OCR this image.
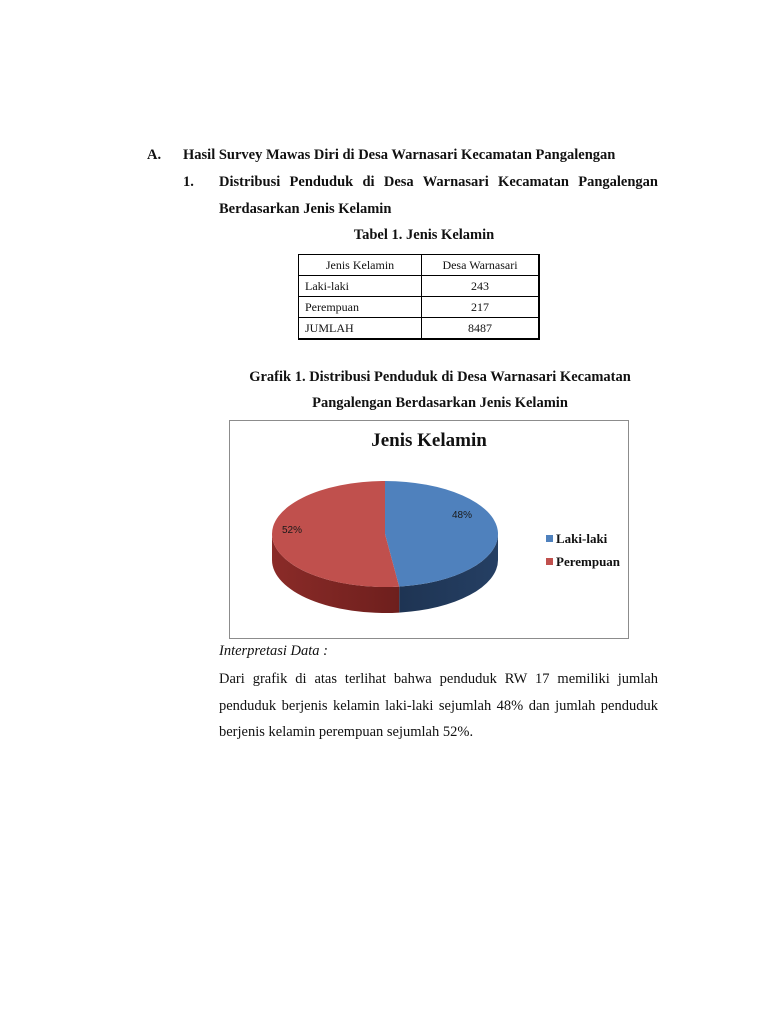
A. Hasil Survey Mawas Diri di Desa Warnasari Kecamatan Pangalengan
1. Distribusi Penduduk di Desa Warnasari Kecamatan Pangalengan
Berdasarkan Jenis Kelamin
Tabel 1. Jenis Kelamin
Jenis Kelamin	Desa Warnasari
Laki-laki	243
Perempuan	217
JUMLAH	8487
Grafik 1. Distribusi Penduduk di Desa Warnasari Kecamatan
Pangalengan Berdasarkan Jenis Kelamin
Jenis Kelamin
48%
52%	Laki-laki
Perempuan
Interpretasi Data :
Dari grafik di atas terlihat bahwa penduduk RW 17 memiliki jumlah penduduk berjenis kelamin laki-laki sejumlah 48% dan jumlah penduduk berjenis kelamin perempuan sejumlah 52%.
